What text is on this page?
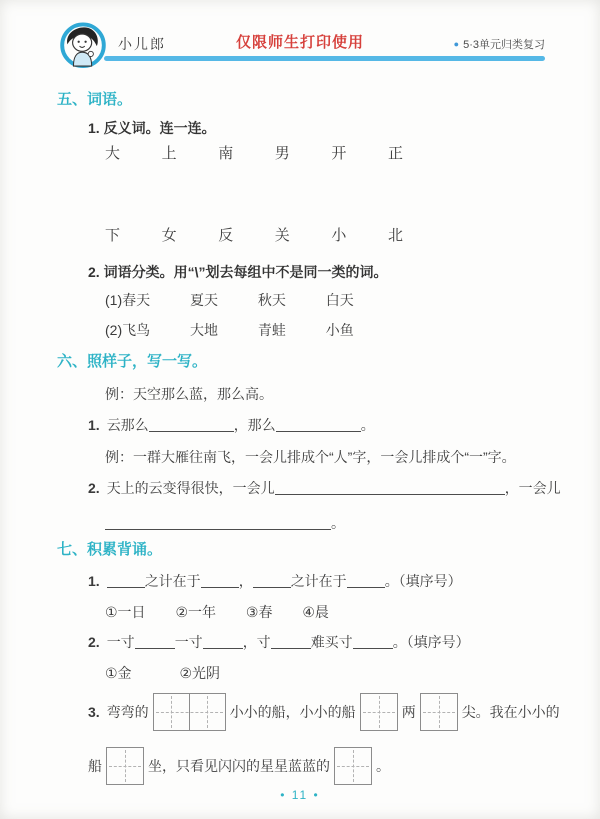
小儿郎	仅限师生打印使用	● 5·3单元归类复习
五、词语。

1. 反义词。连一连。

大	上	南	男	开	正
下	女	反	关	小	北

2. 词语分类。用“\”划去每组中不是同一类的词。

(1)春天	夏天	秋天	白天
(2)飞鸟	大地	青蛙	小鱼
六、照样子，写一写。

例：天空那么蓝，那么高。

1. 云那么	，那么	。

例：一群大雁往南飞，一会儿排成个“人”字，一会儿排成个“一”字。

2. 天上的云变得很快，一会儿	，一会儿

。

七、积累背诵。

1.	之计在于	，	之计在于	。（填序号）

①一日 ②一年 ③春 ④晨

2. 一寸	一寸	，寸	难买寸	。（填序号）

①金	②光阴
3. 弯弯的	小小的船，小小的船	两	尖。我在小小的
船	坐，只看见闪闪的星星蓝蓝的	。
• 11 •
